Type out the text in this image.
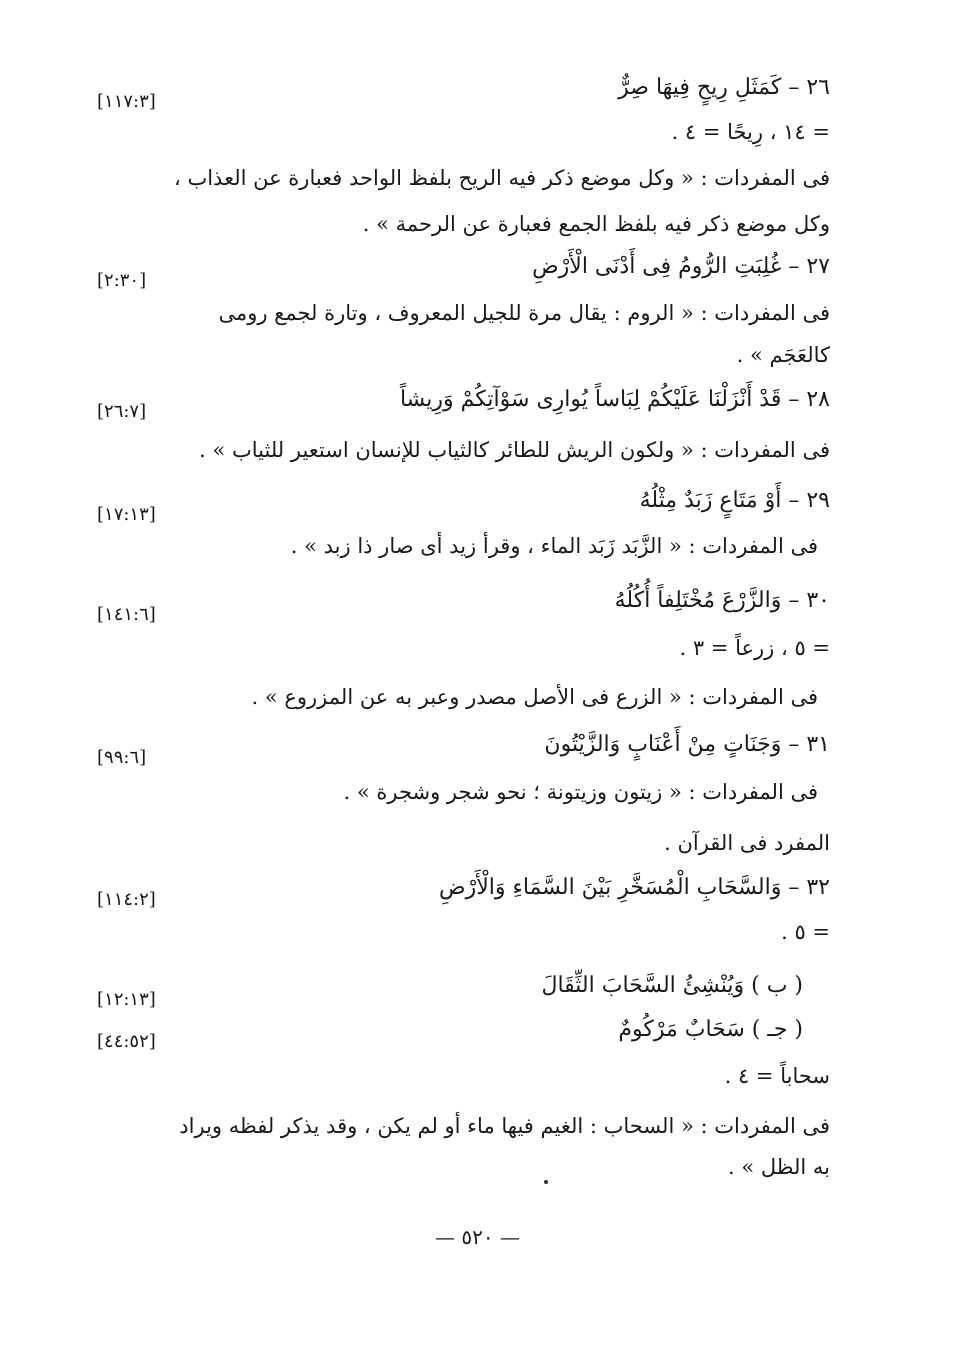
٢٦ – كَمَثَلِ رِيحٍ فِيهَا صِرٌّ

[١١٧:٣]

= ١٤ ، رِيحًا = ٤ .

فى المفردات : « وكل موضع ذكر فيه الريح بلفظ الواحد فعبارة عن العذاب ،

وكل موضع ذكر فيه بلفظ الجمع فعبارة عن الرحمة » .

٢٧ – غُلِبَتِ الرُّومُ فِى أَدْنَى الْأَرْضِ

[٢:٣٠]

فى المفردات : « الروم : يقال مرة للجيل المعروف ، وتارة لجمع رومى

كالعَجَم » .

٢٨ – قَدْ أَنْزَلْنَا عَلَيْكُمْ لِبَاساً يُوارِى سَوْآتِكُمْ وَرِيشاً

[٢٦:٧]

فى المفردات : « ولكون الريش للطائر كالثياب للإنسان استعير للثياب » .

٢٩ – أَوْ مَتَاعٍ زَبَدٌ مِثْلُهُ

[١٧:١٣]

فى المفردات : « الزَّبَد زَبَد الماء ، وقرأ زيد أى صار ذا زبد » .

٣٠ – وَالزَّرْعَ مُخْتَلِفاً أُكُلُهُ

[١٤١:٦]

= ٥ ، زرعاً = ٣ .

فى المفردات : « الزرع فى الأصل مصدر وعبر به عن المزروع » .

٣١ – وَجَنَاتٍ مِنْ أَعْنَابٍ وَالزَّيْتُونَ

[٩٩:٦]

فى المفردات : « زيتون وزيتونة ؛ نحو شجر وشجرة » .

المفرد فى القرآن .

٣٢ – وَالسَّحَابِ الْمُسَخَّرِ بَيْنَ السَّمَاءِ وَالْأَرْضِ

[١١٤:٢]

= ٥ .

( ب ) وَيُنْشِئُ السَّحَابَ الثِّقَالَ

[١٢:١٣]

( جـ ) سَحَابٌ مَرْكُومٌ

[٤٤:٥٢]

سحاباً = ٤ .

فى المفردات : « السحاب : الغيم فيها ماء أو لم يكن ، وقد يذكر لفظه ويراد

به الظل » .

— ٥٢٠ —
